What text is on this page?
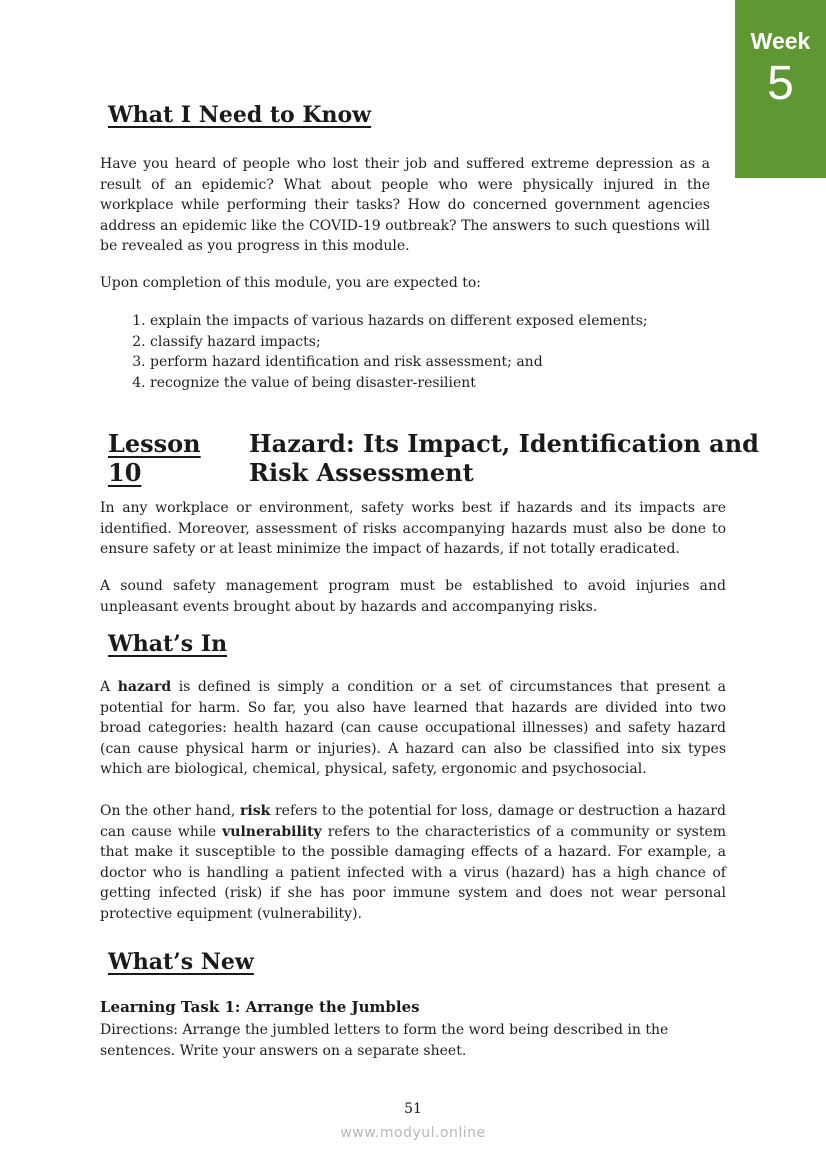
Week
5
What I Need to Know

Have you heard of people who lost their job and suffered extreme depression as a result of an epidemic? What about people who were physically injured in the workplace while performing their tasks? How do concerned government agencies address an epidemic like the COVID-19 outbreak? The answers to such questions will be revealed as you progress in this module.

Upon completion of this module, you are expected to:

1. explain the impacts of various hazards on different exposed elements;
2. classify hazard impacts;
3. perform hazard identification and risk assessment; and
4. recognize the value of being disaster-resilient
Lesson
10
Hazard: Its Impact, Identification and
Risk Assessment

In any workplace or environment, safety works best if hazards and its impacts are identified. Moreover, assessment of risks accompanying hazards must also be done to ensure safety or at least minimize the impact of hazards, if not totally eradicated.

A sound safety management program must be established to avoid injuries and unpleasant events brought about by hazards and accompanying risks.

What’s In

A hazard is defined is simply a condition or a set of circumstances that present a potential for harm. So far, you also have learned that hazards are divided into two broad categories: health hazard (can cause occupational illnesses) and safety hazard (can cause physical harm or injuries). A hazard can also be classified into six types which are biological, chemical, physical, safety, ergonomic and psychosocial.

On the other hand, risk refers to the potential for loss, damage or destruction a hazard can cause while vulnerability refers to the characteristics of a community or system that make it susceptible to the possible damaging effects of a hazard. For example, a doctor who is handling a patient infected with a virus (hazard) has a high chance of getting infected (risk) if she has poor immune system and does not wear personal protective equipment (vulnerability).

What’s New
Learning Task 1: Arrange the Jumbles

Directions: Arrange the jumbled letters to form the word being described in the sentences. Write your answers on a separate sheet.

51
www.modyul.online
